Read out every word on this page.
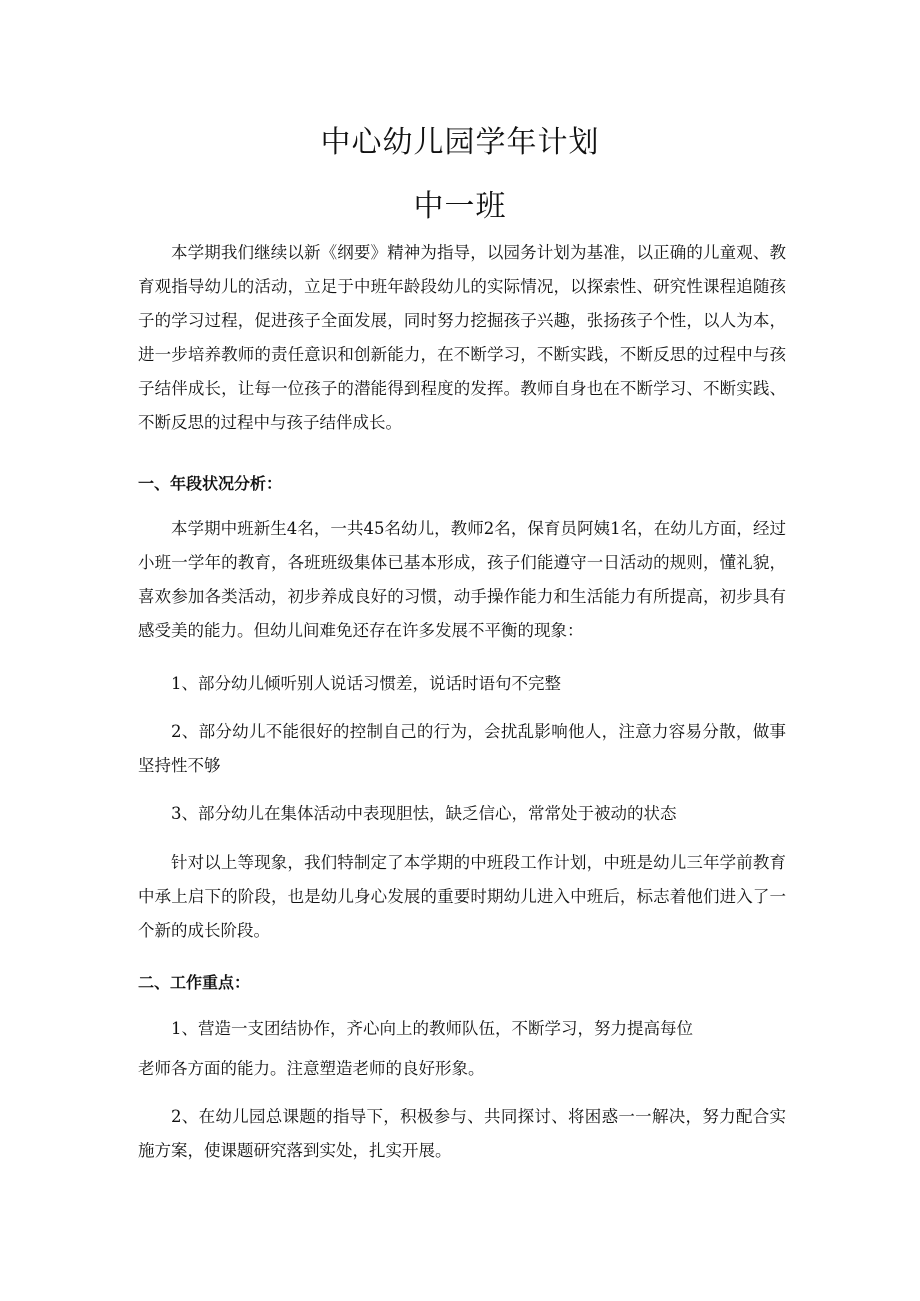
中心幼儿园学年计划
中一班

本学期我们继续以新《纲要》精神为指导，以园务计划为基准，以正确的儿童观、教育观指导幼儿的活动，立足于中班年龄段幼儿的实际情况，以探索性、研究性课程追随孩子的学习过程，促进孩子全面发展，同时努力挖掘孩子兴趣，张扬孩子个性，以人为本，进一步培养教师的责任意识和创新能力，在不断学习，不断实践，不断反思的过程中与孩子结伴成长，让每一位孩子的潜能得到程度的发挥。教师自身也在不断学习、不断实践、不断反思的过程中与孩子结伴成长。

一、年段状况分析：

本学期中班新生4名，一共45名幼儿，教师2名，保育员阿姨1名，在幼儿方面，经过小班一学年的教育，各班班级集体已基本形成，孩子们能遵守一日活动的规则，懂礼貌，喜欢参加各类活动，初步养成良好的习惯，动手操作能力和生活能力有所提高，初步具有感受美的能力。但幼儿间难免还存在许多发展不平衡的现象：

1、部分幼儿倾听别人说话习惯差，说话时语句不完整

2、部分幼儿不能很好的控制自己的行为，会扰乱影响他人，注意力容易分散，做事坚持性不够

3、部分幼儿在集体活动中表现胆怯，缺乏信心，常常处于被动的状态

针对以上等现象，我们特制定了本学期的中班段工作计划，中班是幼儿三年学前教育中承上启下的阶段，也是幼儿身心发展的重要时期幼儿进入中班后，标志着他们进入了一个新的成长阶段。

二、工作重点：

1、营造一支团结协作，齐心向上的教师队伍，不断学习，努力提高每位

老师各方面的能力。注意塑造老师的良好形象。

2、在幼儿园总课题的指导下，积极参与、共同探讨、将困惑一一解决，努力配合实施方案，使课题研究落到实处，扎实开展。
